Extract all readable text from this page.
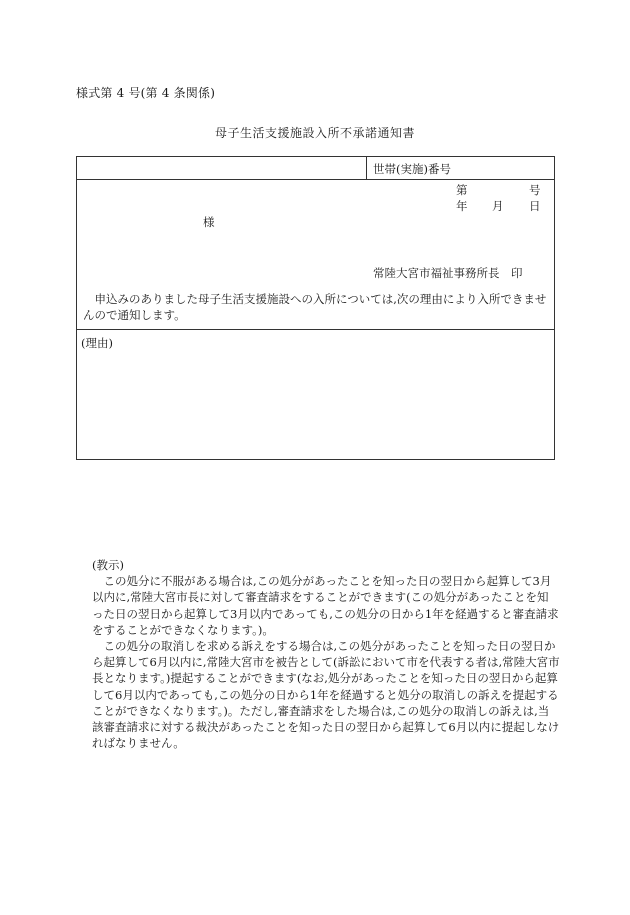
様式第 4 号(第 4 条関係)
母子生活支援施設入所不承諾通知書
世帯(実施)番号
第	号
年 月 日
様
常陸大宮市福祉事務所長　印

申込みのありました母子生活支援施設への入所については,次の理由により入所できませんので通知します。

(理由)

(教示)

この処分に不服がある場合は,この処分があったことを知った日の翌日から起算して3月以内に,常陸大宮市長に対して審査請求をすることができます(この処分があったことを知った日の翌日から起算して3月以内であっても,この処分の日から1年を経過すると審査請求をすることができなくなります。)。

この処分の取消しを求める訴えをする場合は,この処分があったことを知った日の翌日から起算して6月以内に,常陸大宮市を被告として(訴訟において市を代表する者は,常陸大宮市長となります。)提起することができます(なお,処分があったことを知った日の翌日から起算して6月以内であっても,この処分の日から1年を経過すると処分の取消しの訴えを提起することができなくなります。)。ただし,審査請求をした場合は,この処分の取消しの訴えは,当該審査請求に対する裁決があったことを知った日の翌日から起算して6月以内に提起しなければなりません。
